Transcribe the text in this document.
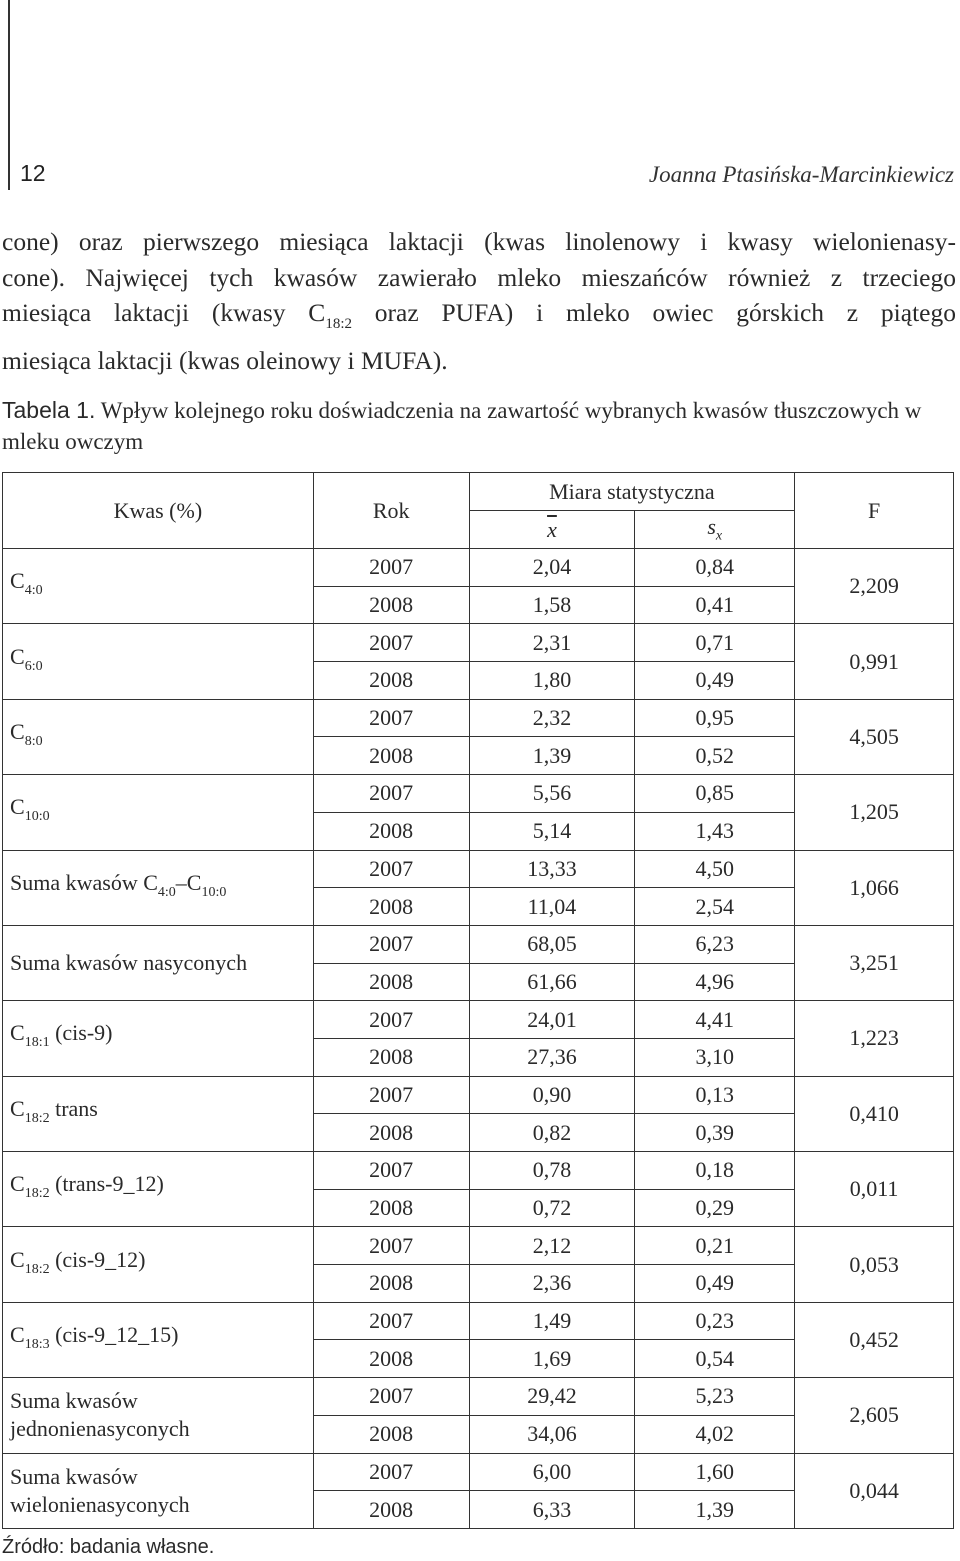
12	Joanna Ptasińska-Marcinkiewicz
cone) oraz pierwszego miesiąca laktacji (kwas linolenowy i kwasy wielonienasy-
cone). Najwięcej tych kwasów zawierało mleko mieszańców również z trzeciego
miesiąca laktacji (kwasy $C_{18:2}$ oraz PUFA) i mleko owiec górskich z piątego
miesiąca laktacji (kwas oleinowy i MUFA).
Tabela 1. Wpływ kolejnego roku doświadczenia na zawartość wybranych kwasów tłuszczowych w mleku owczym
Kwas (%)	Rok	Miara statystyczna		F
		$\overline{x}$	$s_x$
$C_{4:0}$	2007	2,04	0,84	2,209
	2008	1,58	0,41	
$C_{6:0}$	2007	2,31	0,71	0,991
	2008	1,80	0,49	
$C_{8:0}$	2007	2,32	0,95	4,505
	2008	1,39	0,52	
$C_{10:0}$	2007	5,56	0,85	1,205
	2008	5,14	1,43	
Suma kwasów $C_{4:0}-C_{10:0}$	2007	13,33	4,50	1,066
	2008	11,04	2,54	
Suma kwasów nasyconych	2007	68,05	6,23	3,251
	2008	61,66	4,96	
$C_{18:1}$ (cis-9)	2007	24,01	4,41	1,223
	2008	27,36	3,10	
$C_{18:2}$ trans	2007	0,90	0,13	0,410
	2008	0,82	0,39	
$C_{18:2}$ (trans-9_12)	2007	0,78	0,18	0,011
	2008	0,72	0,29	
$C_{18:2}$ (cis-9_12)	2007	2,12	0,21	0,053
	2008	2,36	0,49	
$C_{18:3}$ (cis-9_12_15)	2007	1,49	0,23	0,452
	2008	1,69	0,54	
Suma kwasów jednonienasyconych	2007	29,42	5,23	2,605
	2008	34,06	4,02	
Suma kwasów wielonienasyconych	2007	6,00	1,60	0,044
	2008	6,33	1,39	
Źródło: badania własne.
